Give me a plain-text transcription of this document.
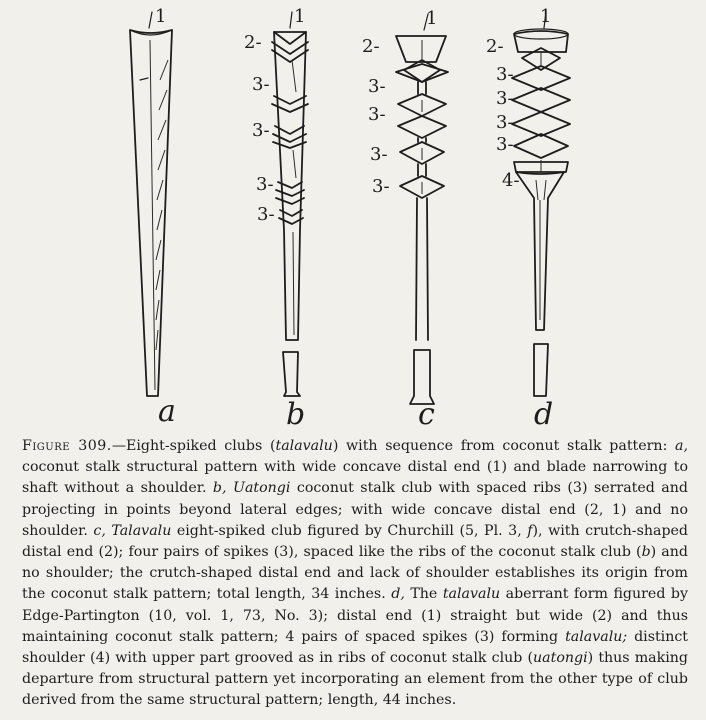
1
a
1
2-
3-
3-
3-
3-
b
1
2-
3-
3-
3-
3-
c
1
2-
3-
3-
3-
3-
4-
d
Figure 309.—Eight-spiked clubs (talavalu) with sequence from coconut stalk pattern: a, coconut stalk structural pattern with wide concave distal end (1) and blade narrowing to shaft without a shoulder. b, Uatongi coconut stalk club with spaced ribs (3) serrated and projecting in points beyond lateral edges; with wide concave distal end (2, 1) and no shoulder. c, Talavalu eight-spiked club figured by Churchill (5, Pl. 3, f), with crutch-shaped distal end (2); four pairs of spikes (3), spaced like the ribs of the coconut stalk club (b) and no shoulder; the crutch-shaped distal end and lack of shoulder establishes its origin from the coconut stalk pattern; total length, 34 inches. d, The talavalu aberrant form figured by Edge-Partington (10, vol. 1, 73, No. 3); distal end (1) straight but wide (2) and thus maintaining coconut stalk pattern; 4 pairs of spaced spikes (3) forming talavalu; distinct shoulder (4) with upper part grooved as in ribs of coconut stalk club (uatongi) thus making departure from structural pattern yet incorporating an element from the other type of club derived from the same structural pattern; length, 44 inches.
